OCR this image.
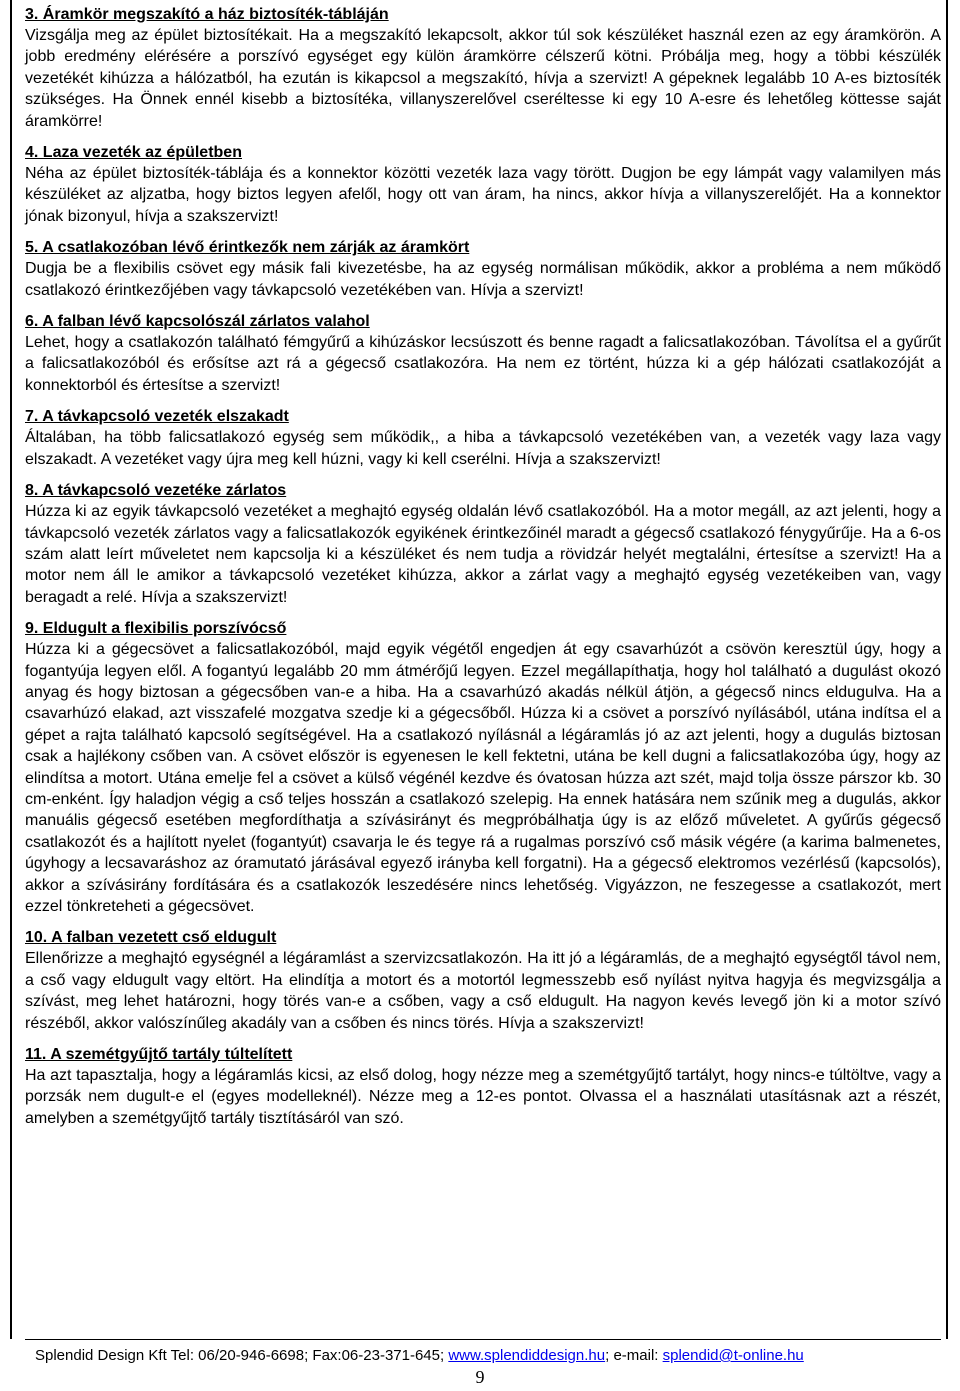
3. Áramkör megszakító a ház biztosíték-tábláján

Vizsgálja meg az épület biztosítékait. Ha a megszakító lekapcsolt, akkor túl sok készüléket használ ezen az egy áramkörön. A jobb eredmény elérésére a porszívó egységet egy külön áramkörre célszerű kötni. Próbálja meg, hogy a többi készülék vezetékét kihúzza a hálózatból, ha ezután is kikapcsol a megszakító, hívja a szervizt! A gépeknek legalább 10 A-es biztosíték szükséges. Ha Önnek ennél kisebb a biztosítéka, villanyszerelővel cseréltesse ki egy 10 A-esre és lehetőleg köttesse saját áramkörre!

4. Laza vezeték az épületben

Néha az épület biztosíték-táblája és a konnektor közötti vezeték laza vagy törött. Dugjon be egy lámpát vagy valamilyen más készüléket az aljzatba, hogy biztos legyen afelől, hogy ott van áram, ha nincs, akkor hívja a villanyszerelőjét. Ha a konnektor jónak bizonyul, hívja a szakszervizt!

5. A csatlakozóban lévő érintkezők nem zárják az áramkört

Dugja be a flexibilis csövet egy másik fali kivezetésbe, ha az egység normálisan működik, akkor a probléma a nem működő csatlakozó érintkezőjében vagy távkapcsoló vezetékében van. Hívja a szervizt!

6. A falban lévő kapcsolószál zárlatos valahol

Lehet, hogy a csatlakozón található fémgyűrű a kihúzáskor lecsúszott és benne ragadt a falicsatlakozóban. Távolítsa el a gyűrűt a falicsatlakozóból és erősítse azt rá a gégecső csatlakozóra. Ha nem ez történt, húzza ki a gép hálózati csatlakozóját a konnektorból és értesítse a szervizt!

7. A távkapcsoló vezeték elszakadt

Általában, ha több falicsatlakozó egység sem működik,, a hiba a távkapcsoló vezetékében van, a vezeték vagy laza vagy elszakadt. A vezetéket vagy újra meg kell húzni, vagy ki kell cserélni. Hívja a szakszervizt!

8. A távkapcsoló vezetéke zárlatos

Húzza ki az egyik távkapcsoló vezetéket a meghajtó egység oldalán lévő csatlakozóból. Ha a motor megáll, az azt jelenti, hogy a távkapcsoló vezeték zárlatos vagy a falicsatlakozók egyikének érintkezőinél maradt a gégecső csatlakozó fénygyűrűje. Ha a 6-os szám alatt leírt műveletet nem kapcsolja ki a készüléket és nem tudja a rövidzár helyét megtalálni, értesítse a szervizt! Ha a motor nem áll le amikor a távkapcsoló vezetéket kihúzza, akkor a zárlat vagy a meghajtó egység vezetékeiben van, vagy beragadt a relé. Hívja a szakszervizt!

9. Eldugult a flexibilis porszívócső

Húzza ki a gégecsövet a falicsatlakozóból, majd egyik végétől engedjen át egy csavarhúzót a csövön keresztül úgy, hogy a fogantyúja legyen elől. A fogantyú legalább 20 mm átmérőjű legyen. Ezzel megállapíthatja, hogy hol található a dugulást okozó anyag és hogy biztosan a gégecsőben van-e a hiba. Ha a csavarhúzó akadás nélkül átjön, a gégecső nincs eldugulva. Ha a csavarhúzó elakad, azt visszafelé mozgatva szedje ki a gégecsőből. Húzza ki a csövet a porszívó nyílásából, utána indítsa el a gépet a rajta található kapcsoló segítségével. Ha a csatlakozó nyílásnál a légáramlás jó az azt jelenti, hogy a dugulás biztosan csak a hajlékony csőben van. A csövet először is egyenesen le kell fektetni, utána be kell dugni a falicsatlakozóba úgy, hogy az elindítsa a motort. Utána emelje fel a csövet a külső végénél kezdve és óvatosan húzza azt szét, majd tolja össze párszor kb. 30 cm-enként. Így haladjon végig a cső teljes hosszán a csatlakozó szelepig. Ha ennek hatására nem szűnik meg a dugulás, akkor manuális gégecső esetében megfordíthatja a szívásirányt és megpróbálhatja úgy is az előző műveletet. A gyűrűs gégecső csatlakozót és a hajlított nyelet (fogantyút) csavarja le és tegye rá a rugalmas porszívó cső másik végére (a karima balmenetes, úgyhogy a lecsavaráshoz az óramutató járásával egyező irányba kell forgatni). Ha a gégecső elektromos vezérlésű (kapcsolós), akkor a szívásirány fordítására és a csatlakozók leszedésére nincs lehetőség. Vigyázzon, ne feszegesse a csatlakozót, mert ezzel tönkreteheti a gégecsövet.

10. A falban vezetett cső eldugult

Ellenőrizze a meghajtó egységnél a légáramlást a szervizcsatlakozón. Ha itt jó a légáramlás, de a meghajtó egységtől távol nem, a cső vagy eldugult vagy eltört. Ha elindítja a motort és a motortól legmesszebb eső nyílást nyitva hagyja és megvizsgálja a szívást, meg lehet határozni, hogy törés van-e a csőben, vagy a cső eldugult. Ha nagyon kevés levegő jön ki a motor szívó részéből, akkor valószínűleg akadály van a csőben és nincs törés. Hívja a szakszervizt!

11. A szemétgyűjtő tartály túltelített

Ha azt tapasztalja, hogy a légáramlás kicsi, az első dolog, hogy nézze meg a szemétgyűjtő tartályt, hogy nincs-e túltöltve, vagy a porzsák nem dugult-e el (egyes modelleknél). Nézze meg a 12-es pontot. Olvassa el a használati utasításnak azt a részét, amelyben a szemétgyűjtő tartály tisztításáról van szó.

Splendid Design Kft Tel: 06/20-946-6698; Fax:06-23-371-645; www.splendiddesign.hu; e-mail: splendid@t-online.hu
9
